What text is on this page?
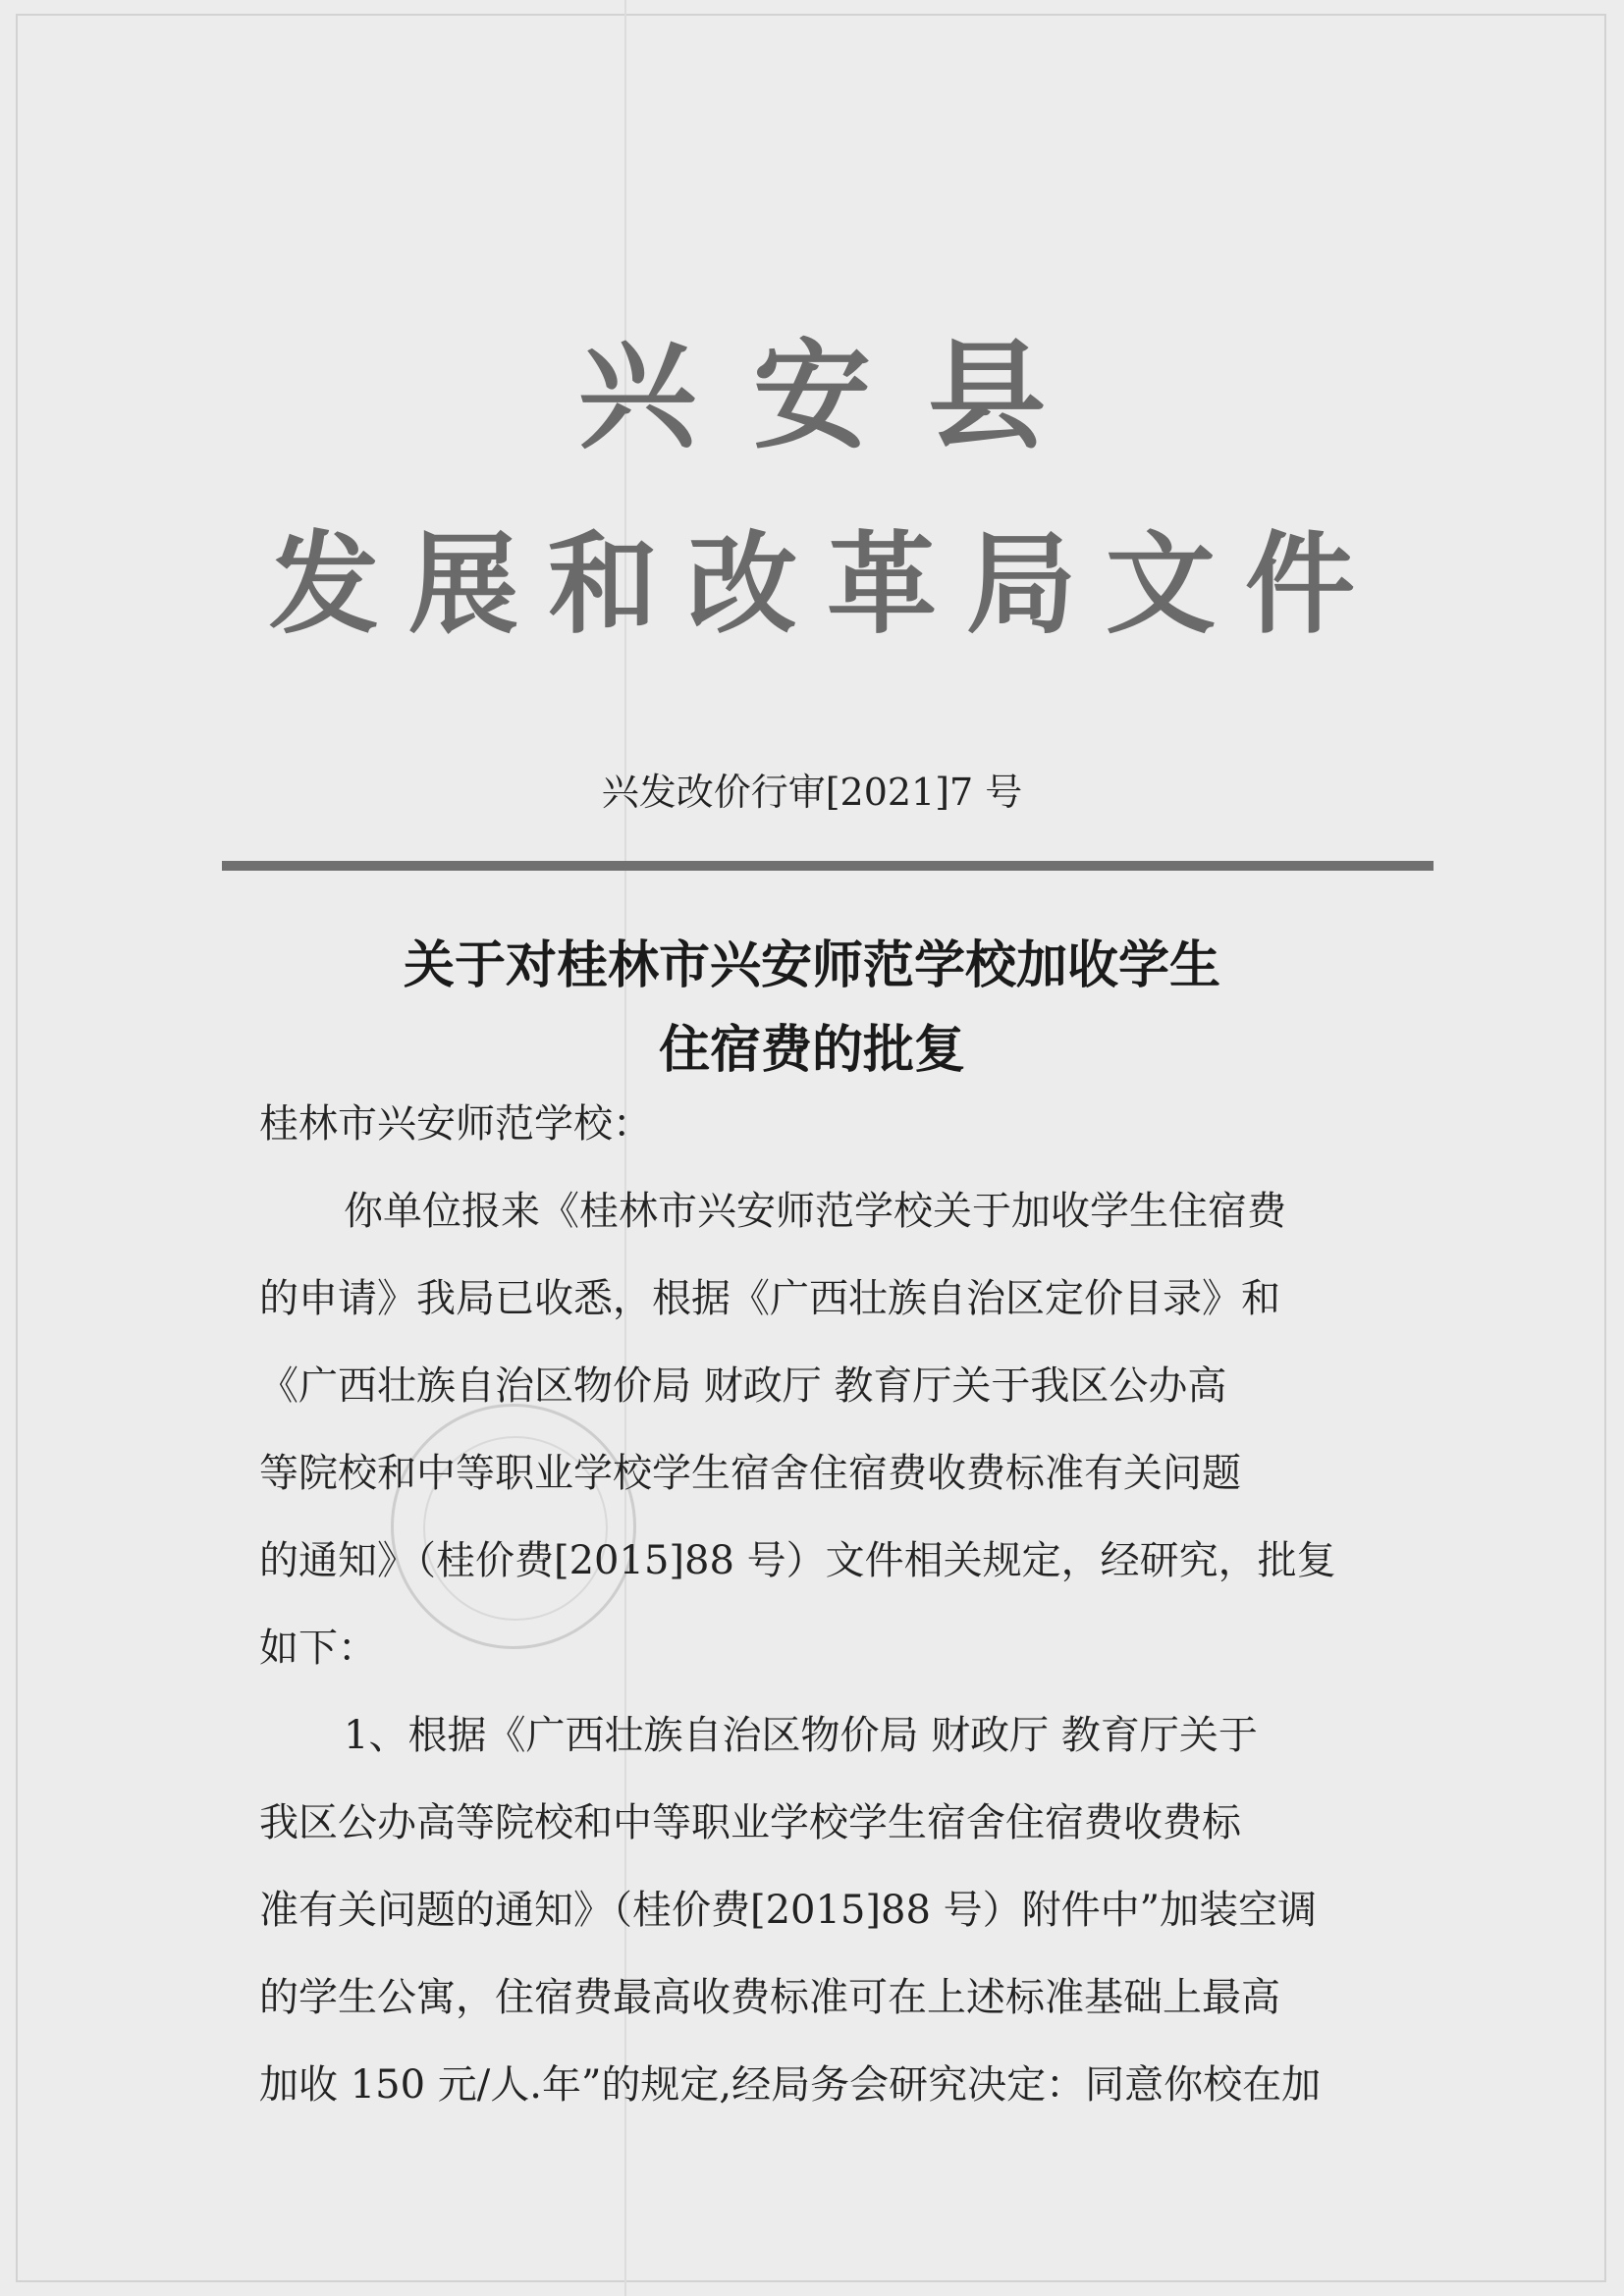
兴安县
发展和改革局文件
兴发改价行审[2021]7 号
关于对桂林市兴安师范学校加收学生
住宿费的批复
桂林市兴安师范学校：
你单位报来《桂林市兴安师范学校关于加收学生住宿费
的申请》我局已收悉，根据《广西壮族自治区定价目录》和
《广西壮族自治区物价局 财政厅 教育厅关于我区公办高
等院校和中等职业学校学生宿舍住宿费收费标准有关问题
的通知》（桂价费[2015]88 号）文件相关规定，经研究，批复
如下：
1、根据《广西壮族自治区物价局 财政厅 教育厅关于
我区公办高等院校和中等职业学校学生宿舍住宿费收费标
准有关问题的通知》（桂价费[2015]88 号）附件中”加装空调
的学生公寓，住宿费最高收费标准可在上述标准基础上最高
加收 150 元/人.年”的规定,经局务会研究决定：同意你校在加
